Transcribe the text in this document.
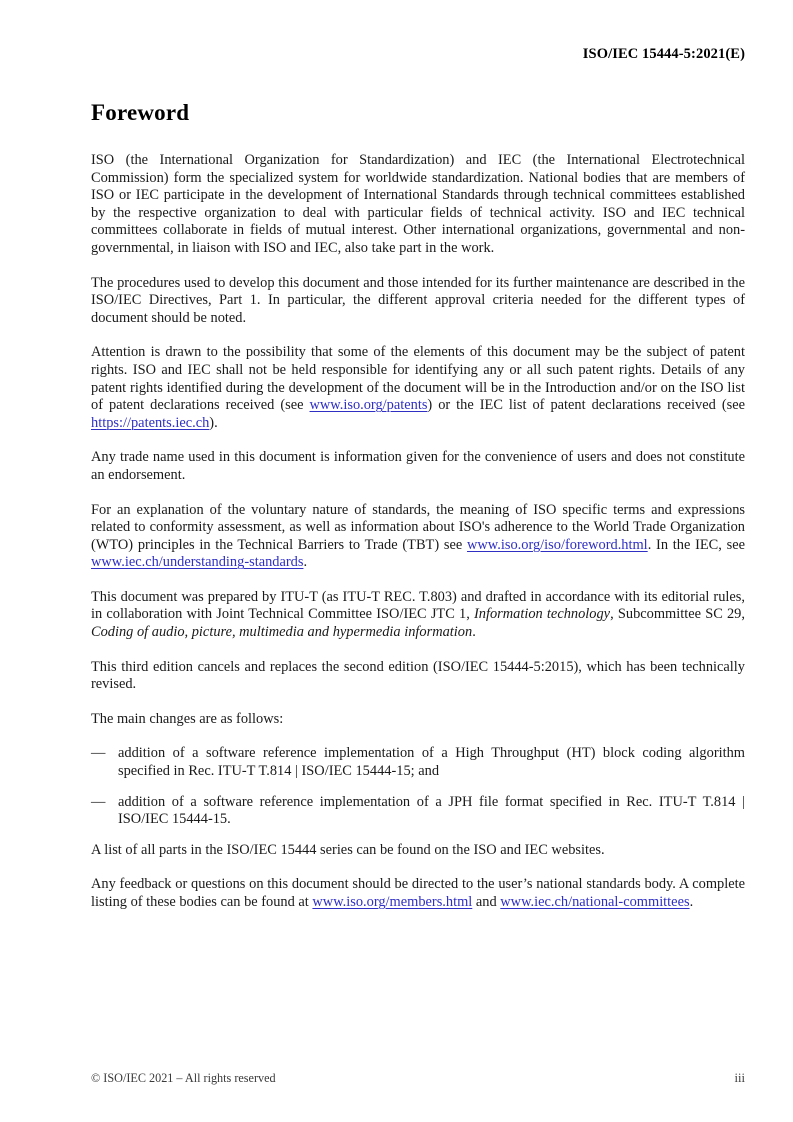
ISO/IEC 15444-5:2021(E)
Foreword

ISO (the International Organization for Standardization) and IEC (the International Electrotechnical Commission) form the specialized system for worldwide standardization. National bodies that are members of ISO or IEC participate in the development of International Standards through technical committees established by the respective organization to deal with particular fields of technical activity. ISO and IEC technical committees collaborate in fields of mutual interest. Other international organizations, governmental and non-governmental, in liaison with ISO and IEC, also take part in the work.

The procedures used to develop this document and those intended for its further maintenance are described in the ISO/IEC Directives, Part 1. In particular, the different approval criteria needed for the different types of document should be noted.

Attention is drawn to the possibility that some of the elements of this document may be the subject of patent rights. ISO and IEC shall not be held responsible for identifying any or all such patent rights. Details of any patent rights identified during the development of the document will be in the Introduction and/or on the ISO list of patent declarations received (see www.iso.org/patents) or the IEC list of patent declarations received (see https://patents.iec.ch).

Any trade name used in this document is information given for the convenience of users and does not constitute an endorsement.

For an explanation of the voluntary nature of standards, the meaning of ISO specific terms and expressions related to conformity assessment, as well as information about ISO's adherence to the World Trade Organization (WTO) principles in the Technical Barriers to Trade (TBT) see www.iso.org/iso/foreword.html. In the IEC, see www.iec.ch/understanding-standards.

This document was prepared by ITU-T (as ITU-T REC. T.803) and drafted in accordance with its editorial rules, in collaboration with Joint Technical Committee ISO/IEC JTC 1, Information technology, Subcommittee SC 29, Coding of audio, picture, multimedia and hypermedia information.

This third edition cancels and replaces the second edition (ISO/IEC 15444-5:2015), which has been technically revised.

The main changes are as follows:

— addition of a software reference implementation of a High Throughput (HT) block coding algorithm specified in Rec. ITU-T T.814 | ISO/IEC 15444-15; and
— addition of a software reference implementation of a JPH file format specified in Rec. ITU-T T.814 | ISO/IEC 15444-15.

A list of all parts in the ISO/IEC 15444 series can be found on the ISO and IEC websites.

Any feedback or questions on this document should be directed to the user’s national standards body. A complete listing of these bodies can be found at www.iso.org/members.html and www.iec.ch/national-committees.

© ISO/IEC 2021 – All rights reserved	iii
